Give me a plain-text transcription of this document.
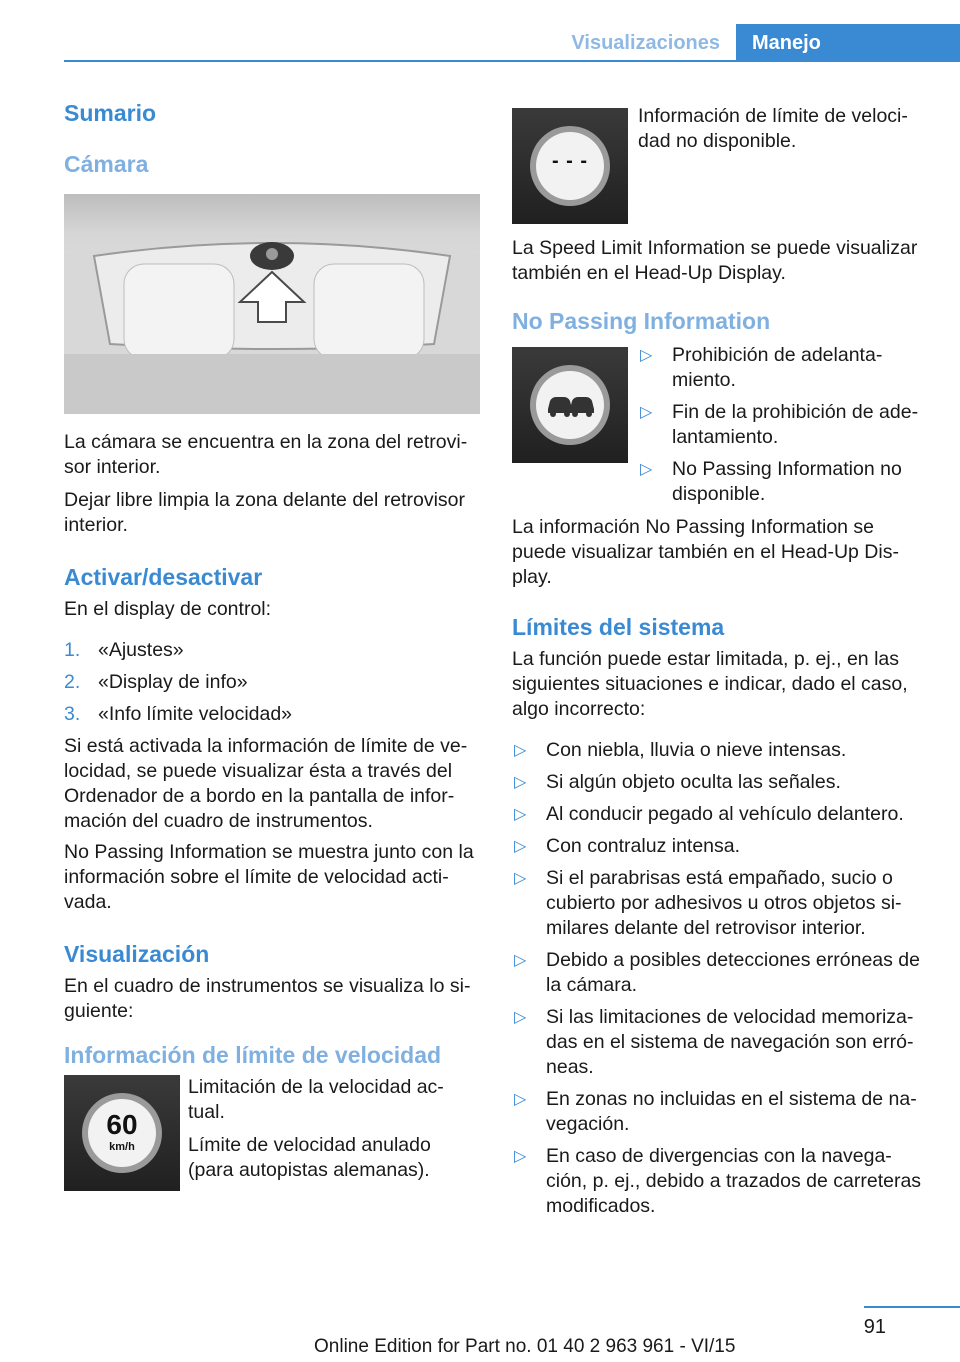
Visualizaciones	Manejo
Sumario
Cámara

La cámara se encuentra en la zona del retrovi-sor interior.

Dejar libre limpia la zona delante del retrovisor interior.

Activar/desactivar

En el display de control:

1. «Ajustes»
2. «Display de info»
3. «Info límite velocidad»

Si está activada la información de límite de ve-locidad, se puede visualizar ésta a través del Ordenador de a bordo en la pantalla de infor-mación del cuadro de instrumentos.

No Passing Information se muestra junto con la información sobre el límite de velocidad acti-vada.

Visualización

En el cuadro de instrumentos se visualiza lo si-guiente:

Información de límite de velocidad
60
km/h

Limitación de la velocidad ac-tual.

Límite de velocidad anulado (para autopistas alemanas).

- - -

Información de límite de veloci-dad no disponible.

La Speed Limit Information se puede visualizar también en el Head-Up Display.

No Passing Information
▷ Prohibición de adelanta-miento.
▷ Fin de la prohibición de ade-lantamiento.
▷ No Passing Information no disponible.

La información No Passing Information se puede visualizar también en el Head-Up Dis-play.

Límites del sistema

La función puede estar limitada, p. ej., en las siguientes situaciones e indicar, dado el caso, algo incorrecto:

▷ Con niebla, lluvia o nieve intensas.
▷ Si algún objeto oculta las señales.
▷ Al conducir pegado al vehículo delantero.
▷ Con contraluz intensa.
▷ Si el parabrisas está empañado, sucio o cubierto por adhesivos u otros objetos si-milares delante del retrovisor interior.
▷ Debido a posibles detecciones erróneas de la cámara.
▷ Si las limitaciones de velocidad memoriza-das en el sistema de navegación son erró-neas.
▷ En zonas no incluidas en el sistema de na-vegación.
▷ En caso de divergencias con la navega-ción, p. ej., debido a trazados de carreteras modificados.
91
Online Edition for Part no. 01 40 2 963 961 - VI/15
